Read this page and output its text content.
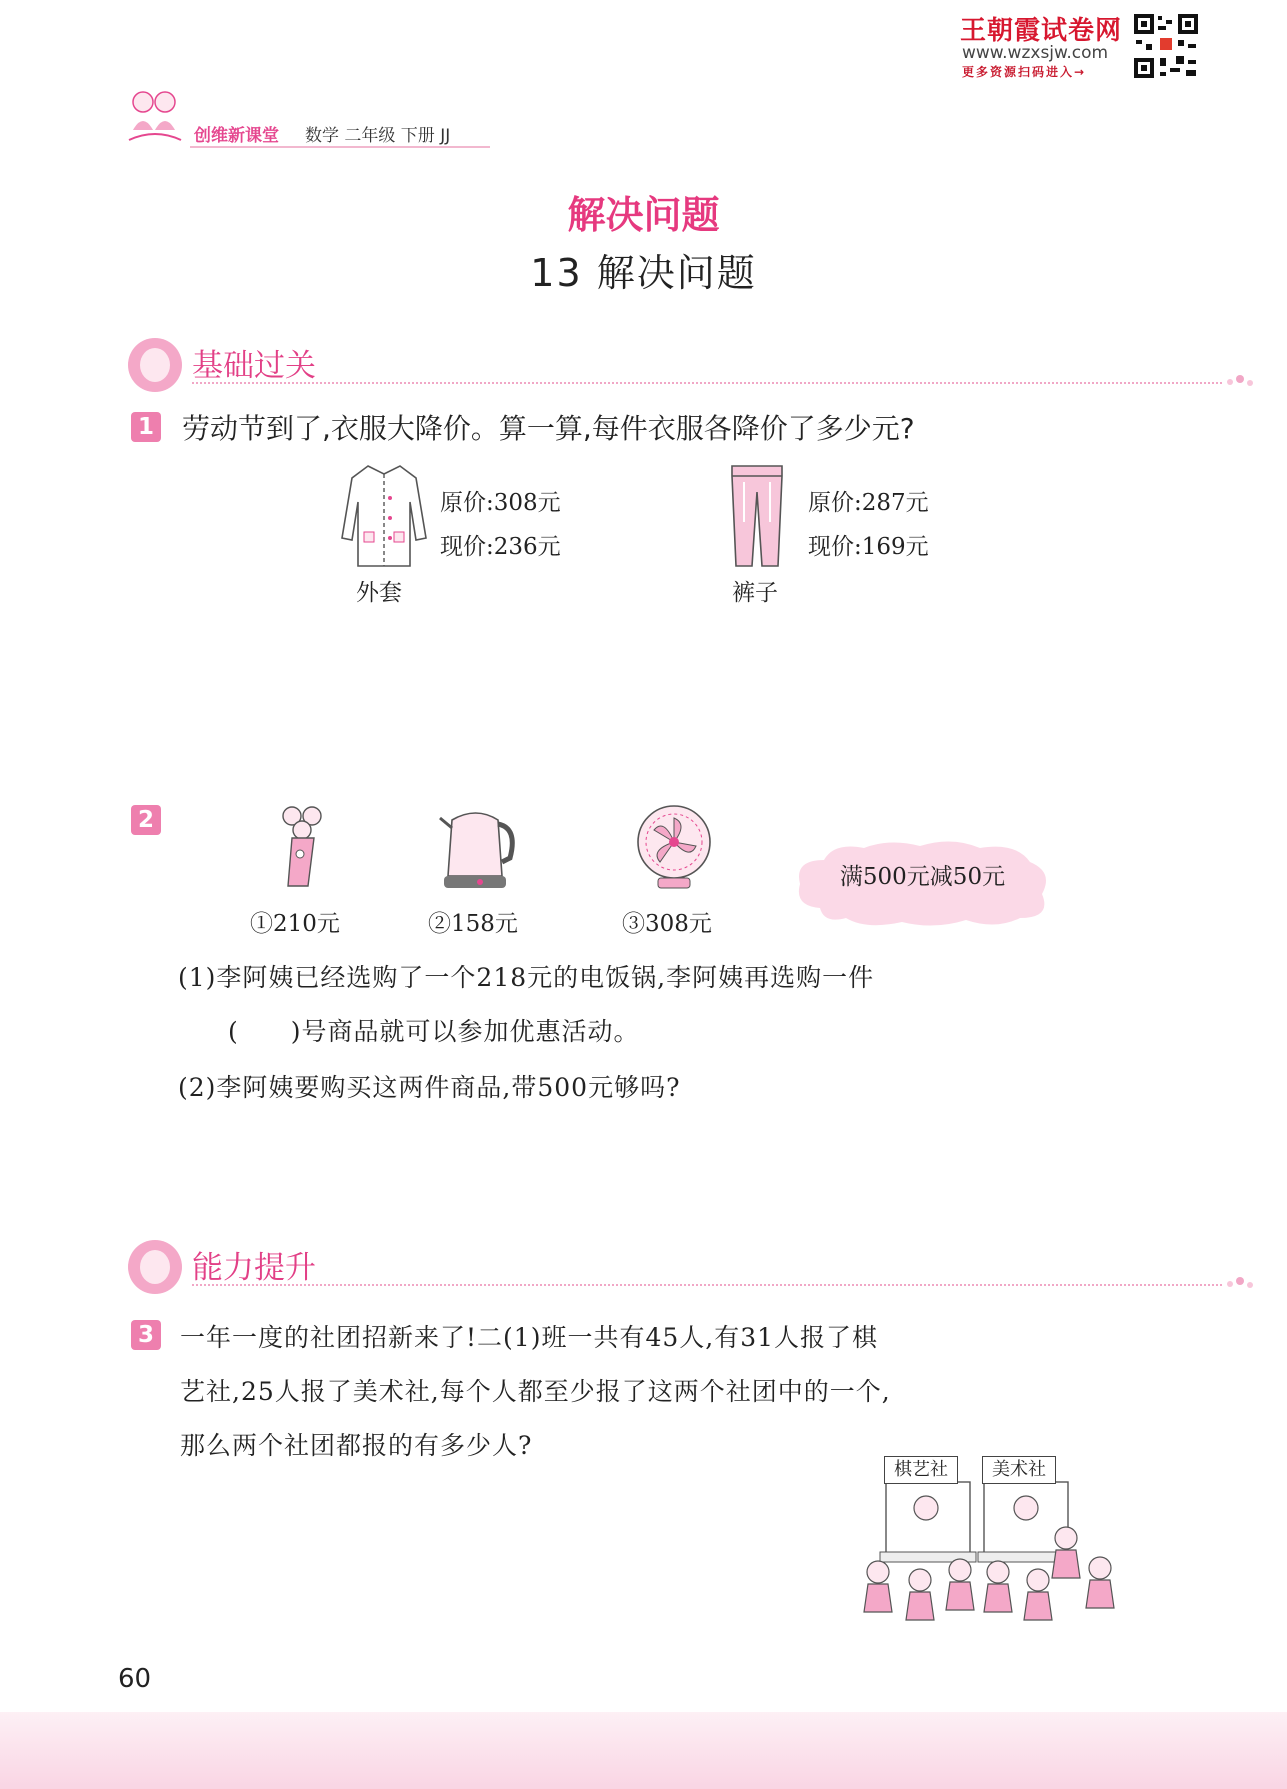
王朝霞试卷网
www.wzxsjw.com
更多资源扫码进入→
创维新课堂 数学 二年级 下册 JJ
解决问题
13 解决问题
基础过关
1 劳动节到了,衣服大降价。算一算,每件衣服各降价了多少元?
原价:308元
现价:236元
外套
原价:287元
现价:169元
裤子
2
①210元	②158元	③308元
满500元减50元
(1)李阿姨已经选购了一个218元的电饭锅,李阿姨再选购一件
(　　)号商品就可以参加优惠活动。
(2)李阿姨要购买这两件商品,带500元够吗?
能力提升
3 一年一度的社团招新来了!二(1)班一共有45人,有31人报了棋
艺社,25人报了美术社,每个人都至少报了这两个社团中的一个,
那么两个社团都报的有多少人?
棋艺社	美术社
60
